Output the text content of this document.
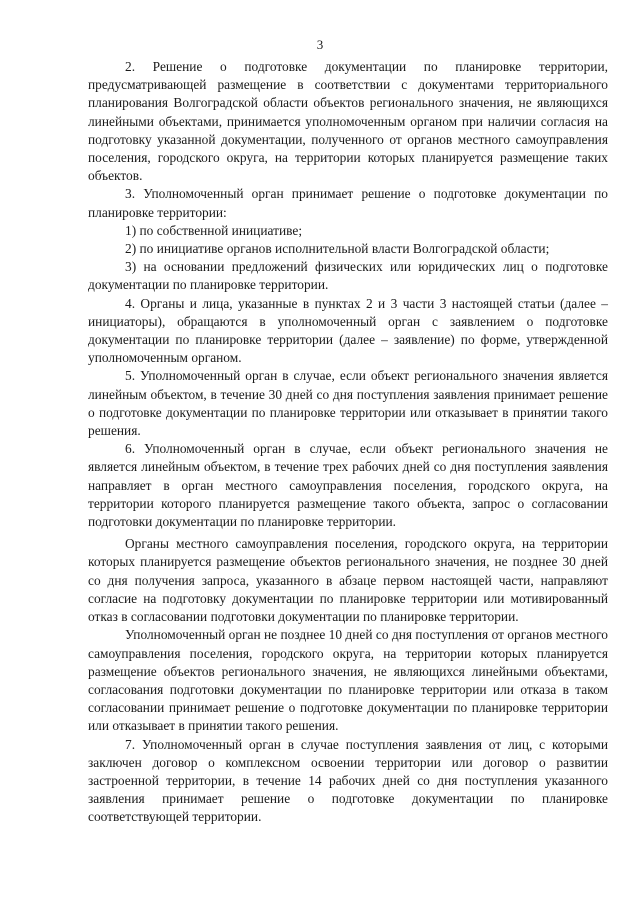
3

2. Решение о подготовке документации по планировке территории, предусматривающей размещение в соответствии с документами территориального планирования Волгоградской области объектов регионального значения, не являющихся линейными объектами, принимается уполномоченным органом при наличии согласия на подготовку указанной документации, полученного от органов местного самоуправления поселения, городского округа, на территории которых планируется размещение таких объектов.

3. Уполномоченный орган принимает решение о подготовке документации по планировке территории:

1) по собственной инициативе;

2) по инициативе органов исполнительной власти Волгоградской области;

3) на основании предложений физических или юридических лиц о подготовке документации по планировке территории.

4. Органы и лица, указанные в пунктах 2 и 3 части 3 настоящей статьи (далее – инициаторы), обращаются в уполномоченный орган с заявлением о подготовке документации по планировке территории (далее – заявление) по форме, утвержденной уполномоченным органом.

5. Уполномоченный орган в случае, если объект регионального значения является линейным объектом, в течение 30 дней со дня поступления заявления принимает решение о подготовке документации по планировке территории или отказывает в принятии такого решения.

6. Уполномоченный орган в случае, если объект регионального значения не является линейным объектом, в течение трех рабочих дней со дня поступления заявления направляет в орган местного самоуправления поселения, городского округа, на территории которого планируется размещение такого объекта, запрос о согласовании подготовки документации по планировке территории.

Органы местного самоуправления поселения, городского округа, на территории которых планируется размещение объектов регионального значения, не позднее 30 дней со дня получения запроса, указанного в абзаце первом настоящей части, направляют согласие на подготовку документации по планировке территории или мотивированный отказ в согласовании подготовки документации по планировке территории.

Уполномоченный орган не позднее 10 дней со дня поступления от органов местного самоуправления поселения, городского округа, на территории которых планируется размещение объектов регионального значения, не являющихся линейными объектами, согласования подготовки документации по планировке территории или отказа в таком согласовании принимает решение о подготовке документации по планировке территории или отказывает в принятии такого решения.

7. Уполномоченный орган в случае поступления заявления от лиц, с которыми заключен договор о комплексном освоении территории или договор о развитии застроенной территории, в течение 14 рабочих дней со дня поступления указанного заявления принимает решение о подготовке документации по планировке соответствующей территории.
